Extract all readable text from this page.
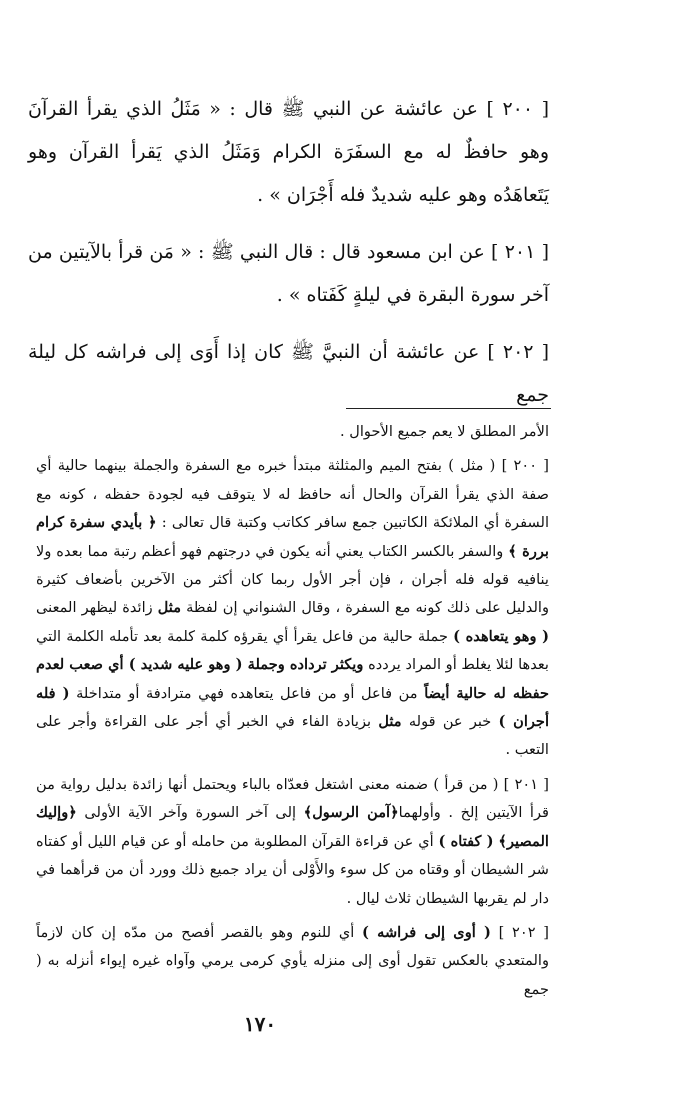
[ ٢٠٠ ] عن عائشة عن النبي ﷺ قال : « مَثَلُ الذي يقرأ القرآنَ وهو حافظٌ له مع السفَرَة الكرام وَمَثَلُ الذي يَقرأ القرآن وهو يَتَعاهَدُه وهو عليه شديدٌ فله أَجْرَان » .

[ ٢٠١ ] عن ابن مسعود قال : قال النبي ﷺ : « مَن قرأ بالآيتين من آخر سورة البقرة في ليلةٍ كَفَتاه » .

[ ٢٠٢ ] عن عائشة أن النبيَّ ﷺ كان إذا أَوَى إلى فراشه كل ليلة جمع

الأمر المطلق لا يعم جميع الأحوال .

[ ٢٠٠ ] ( مثل ) بفتح الميم والمثلثة مبتدأ خبره مع السفرة والجملة بينهما حالية أي صفة الذي يقرأ القرآن والحال أنه حافظ له لا يتوقف فيه لجودة حفظه ، كونه مع السفرة أي الملائكة الكاتبين جمع سافر ككاتب وكتبة قال تعالى : ﴿ بأيدي سفرة كرام بررة ﴾ والسفر بالكسر الكتاب يعني أنه يكون في درجتهم فهو أعظم رتبة مما بعده ولا ينافيه قوله فله أجران ، فإن أجر الأول ربما كان أكثر من الآخرين بأضعاف كثيرة والدليل على ذلك كونه مع السفرة ، وقال الشنواني إن لفظة مثل زائدة ليظهر المعنى ( وهو يتعاهده ) جملة حالية من فاعل يقرأ أي يقرؤه كلمة كلمة بعد تأمله الكلمة التي بعدها لئلا يغلط أو المراد يردده ويكثر ترداده وجملة ( وهو عليه شديد ) أي صعب لعدم حفظه له حالية أيضاً من فاعل أو من فاعل يتعاهده فهي مترادفة أو متداخلة ( فله أجران ) خبر عن قوله مثل بزيادة الفاء في الخبر أي أجر على القراءة وأجر على التعب .

[ ٢٠١ ] ( من قرأ ) ضمنه معنى اشتغل فعدّاه بالباء ويحتمل أنها زائدة بدليل رواية من قرأ الآيتين إلخ . وأولهما﴿آمن الرسول﴾ إلى آخر السورة وآخر الآية الأولى ﴿وإليك المصير﴾ ( كفتاه ) أي عن قراءة القرآن المطلوبة من حامله أو عن قيام الليل أو كفتاه شر الشيطان أو وقتاه من كل سوء والأَوْلى أن يراد جميع ذلك وورد أن من قرأهما في دار لم يقربها الشيطان ثلاث ليال .

[ ٢٠٢ ] ( أوى إلى فراشه ) أي للنوم وهو بالقصر أفصح من مدّه إن كان لازماً والمتعدي بالعكس تقول أوى إلى منزله يأوي كرمى يرمي وآواه غيره إيواء أنزله به ( جمع

١٧٠
